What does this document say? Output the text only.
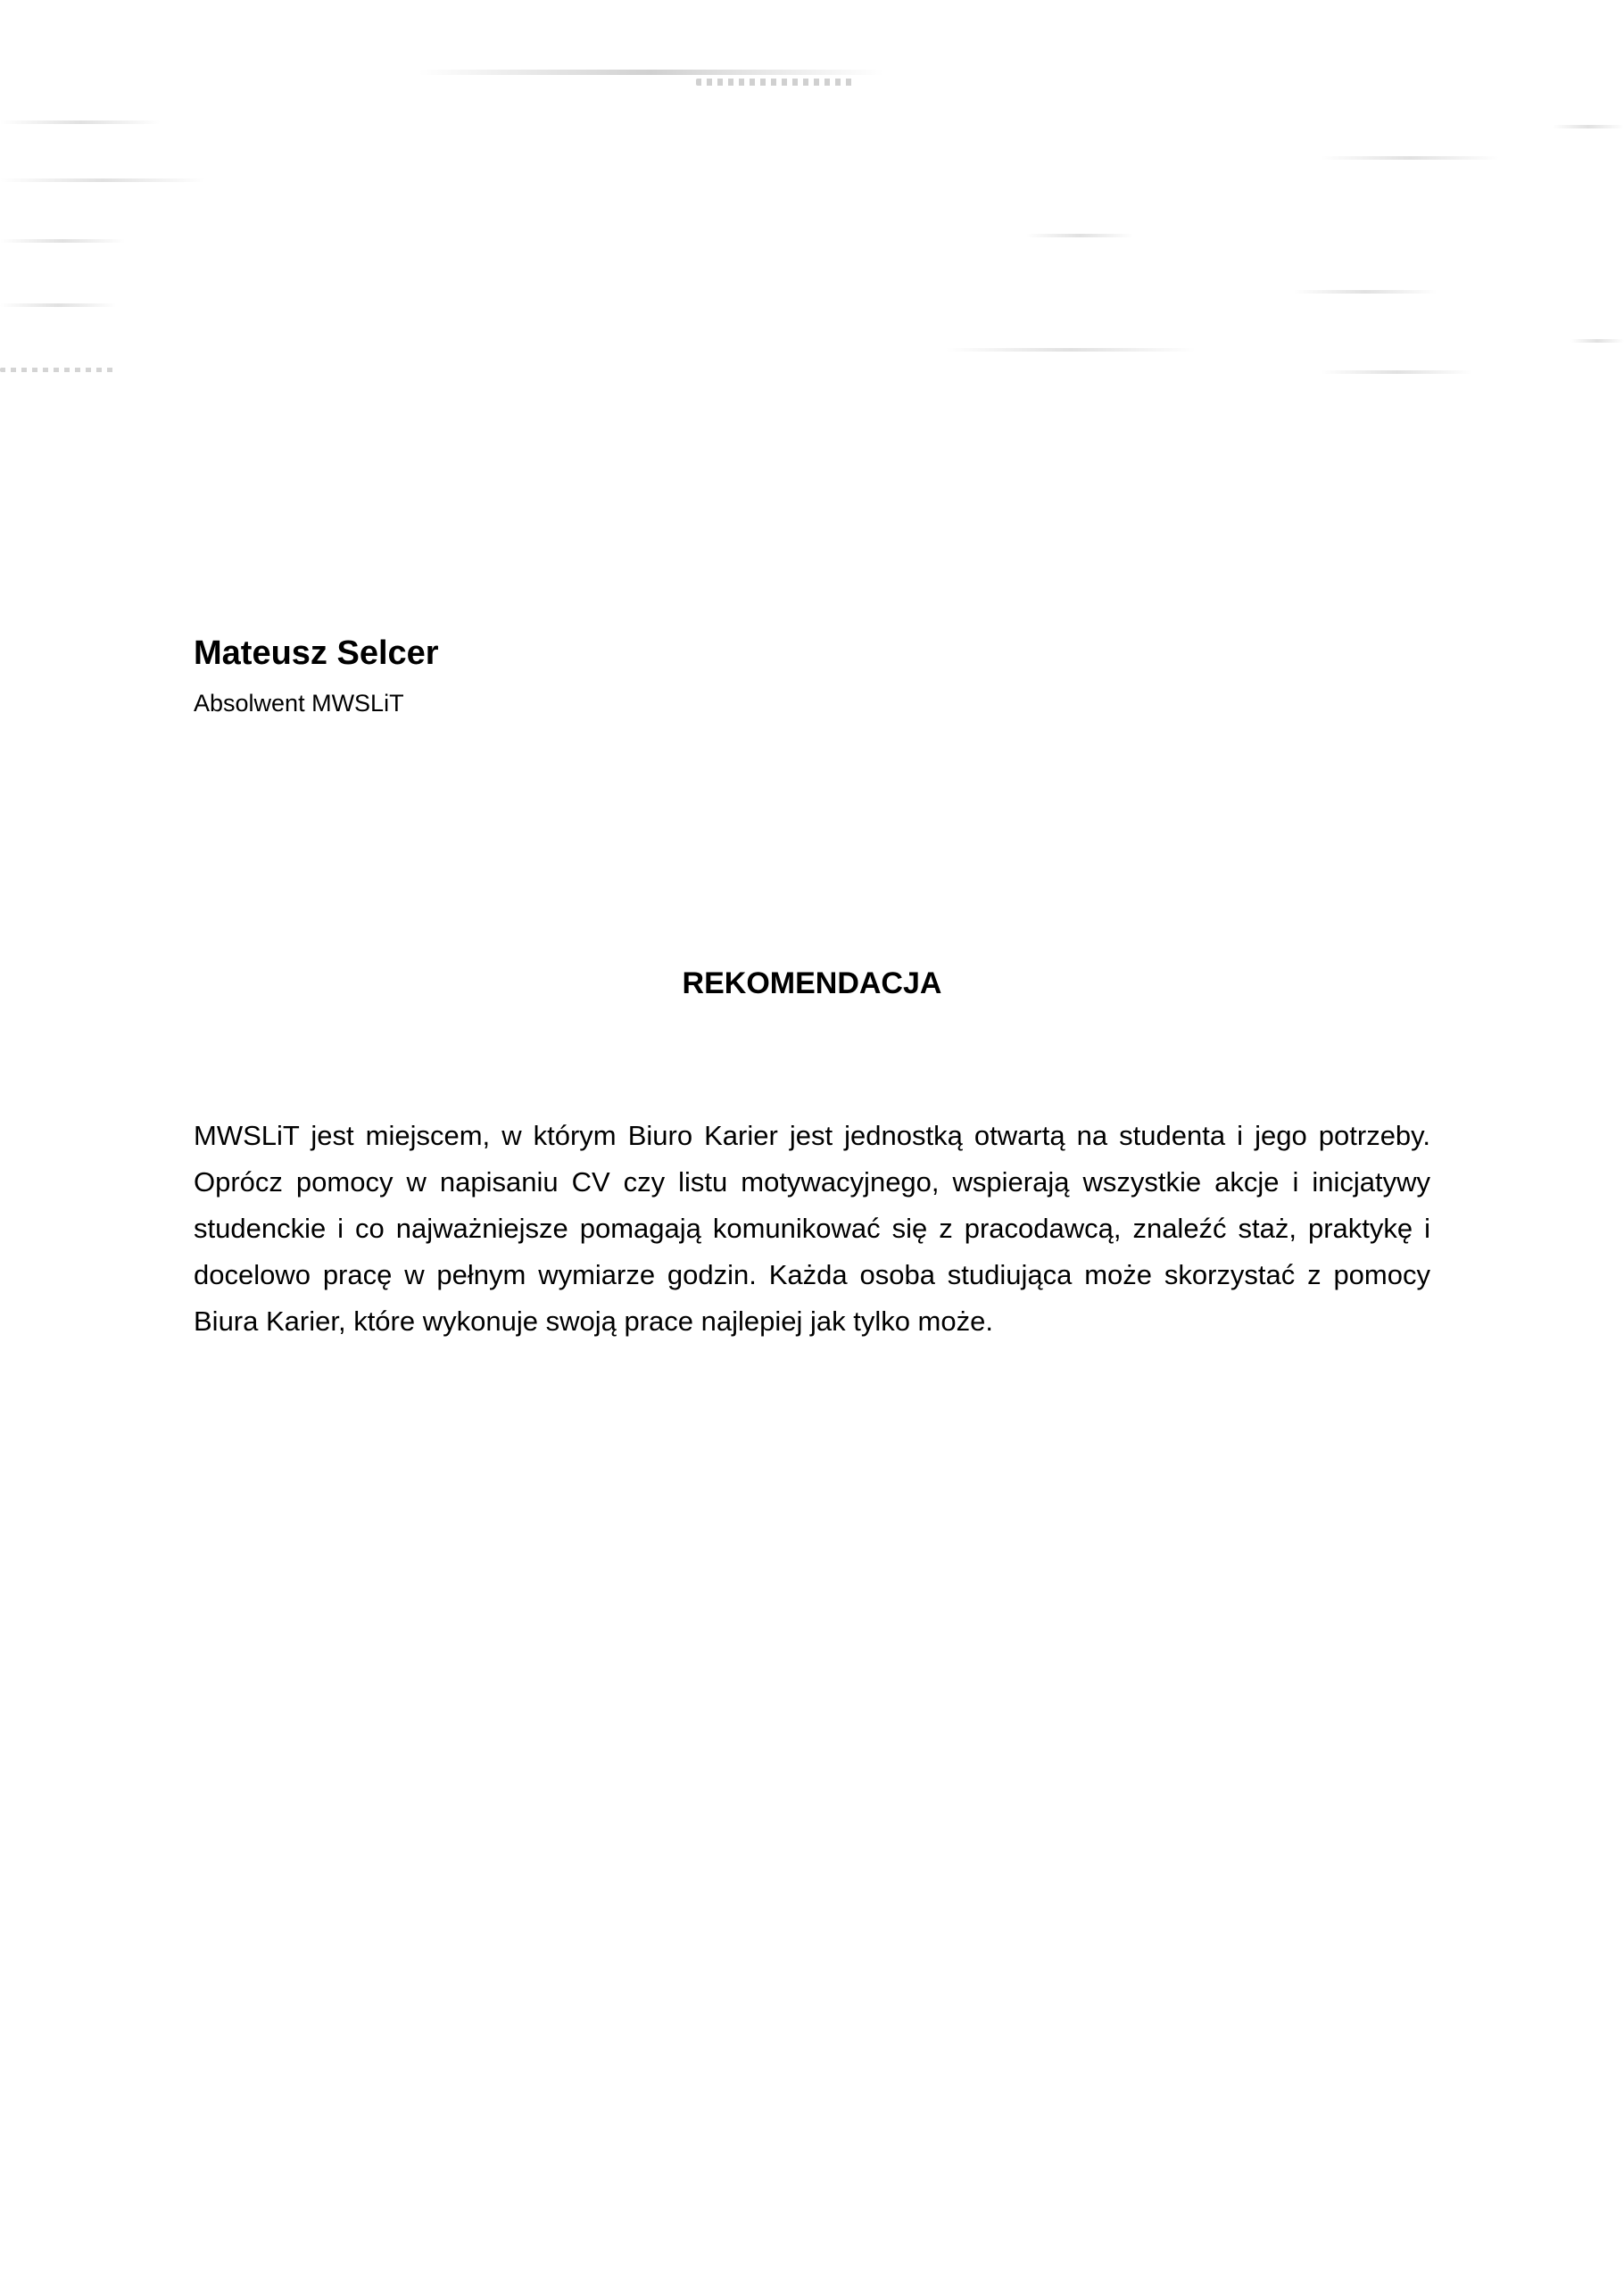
Mateusz Selcer
Absolwent MWSLiT
REKOMENDACJA

MWSLiT jest miejscem, w którym Biuro Karier jest jednostką otwartą na studenta i jego potrzeby. Oprócz pomocy w napisaniu CV czy listu motywacyjnego, wspierają wszystkie akcje i inicjatywy studenckie i co najważniejsze pomagają komunikować się z pracodawcą, znaleźć staż, praktykę i docelowo pracę w pełnym wymiarze godzin. Każda osoba studiująca może skorzystać z pomocy Biura Karier, które wykonuje swoją prace najlepiej jak tylko może.
